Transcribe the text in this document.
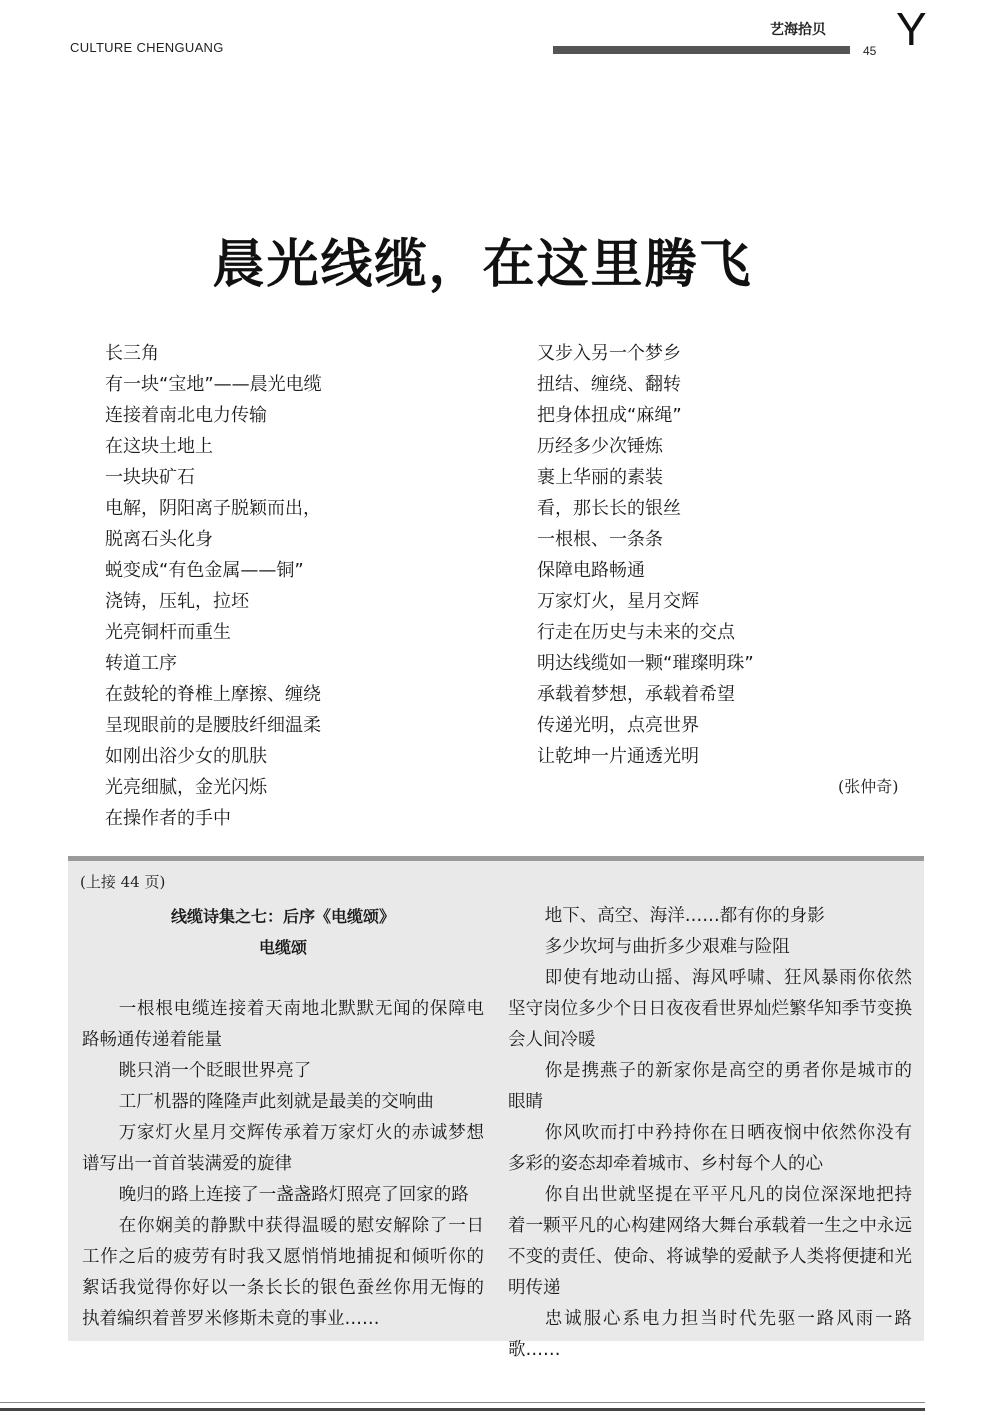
CULTURE CHENGUANG
艺海拾贝
45 Y
晨光线缆，在这里腾飞
长三角
有一块“宝地”——晨光电缆
连接着南北电力传输
在这块土地上
一块块矿石
电解，阴阳离子脱颖而出，
脱离石头化身
蜕变成“有色金属——铜”
浇铸，压轧，拉坯
光亮铜杆而重生
转道工序
在鼓轮的脊椎上摩擦、缠绕
呈现眼前的是腰肢纤细温柔
如刚出浴少女的肌肤
光亮细腻，金光闪烁
在操作者的手中
又步入另一个梦乡
扭结、缠绕、翻转
把身体扭成“麻绳”
历经多少次锤炼
裹上华丽的素装
看，那长长的银丝
一根根、一条条
保障电路畅通
万家灯火，星月交辉
行走在历史与未来的交点
明达线缆如一颗“璀璨明珠”
承载着梦想，承载着希望
传递光明，点亮世界
让乾坤一片通透光明
(张仲奇)
(上接 44 页)
线缆诗集之七：后序《电缆颂》
电缆颂

一根根电缆连接着天南地北默默无闻的保障电路畅通传递着能量

眺只消一个眨眼世界亮了

工厂机器的隆隆声此刻就是最美的交响曲

万家灯火星月交辉传承着万家灯火的赤诚梦想谱写出一首首装满爱的旋律

晚归的路上连接了一盏盏路灯照亮了回家的路

在你娴美的静默中获得温暖的慰安解除了一日工作之后的疲劳有时我又愿悄悄地捕捉和倾听你的絮话我觉得你好以一条长长的银色蚕丝你用无悔的执着编织着普罗米修斯未竟的事业……

地下、高空、海洋……都有你的身影

多少坎坷与曲折多少艰难与险阻

即使有地动山摇、海风呼啸、狂风暴雨你依然坚守岗位多少个日日夜夜看世界灿烂繁华知季节变换会人间冷暖

你是携燕子的新家你是高空的勇者你是城市的眼睛

你风吹而打中矜持你在日晒夜悯中依然你没有多彩的姿态却牵着城市、乡村每个人的心

你自出世就坚提在平平凡凡的岗位深深地把持着一颗平凡的心构建网络大舞台承载着一生之中永远不变的责任、使命、将诚挚的爱献予人类将便捷和光明传递

忠诚服心系电力担当时代先驱一路风雨一路歌……
